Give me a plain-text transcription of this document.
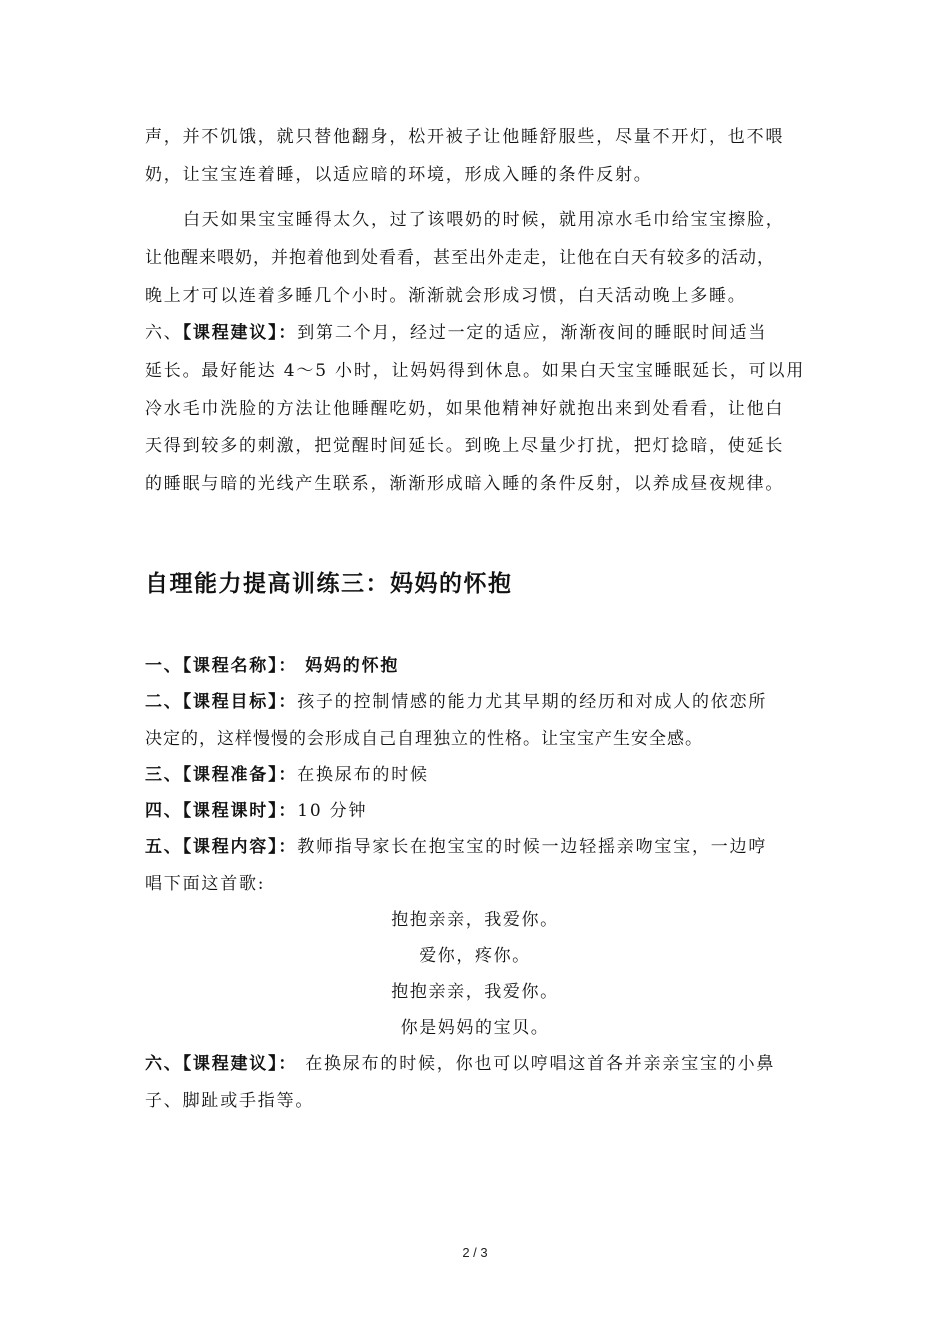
声，并不饥饿，就只替他翻身，松开被子让他睡舒服些，尽量不开灯，也不喂
奶，让宝宝连着睡，以适应暗的环境，形成入睡的条件反射。
白天如果宝宝睡得太久，过了该喂奶的时候，就用凉水毛巾给宝宝擦脸，
让他醒来喂奶，并抱着他到处看看，甚至出外走走，让他在白天有较多的活动，
晚上才可以连着多睡几个小时。渐渐就会形成习惯，白天活动晚上多睡。
六、【课程建议】：到第二个月，经过一定的适应，渐渐夜间的睡眠时间适当
延长。最好能达 4～5 小时，让妈妈得到休息。如果白天宝宝睡眠延长，可以用
冷水毛巾洗脸的方法让他睡醒吃奶，如果他精神好就抱出来到处看看，让他白
天得到较多的刺激，把觉醒时间延长。到晚上尽量少打扰，把灯捻暗，使延长
的睡眠与暗的光线产生联系，渐渐形成暗入睡的条件反射，以养成昼夜规律。
自理能力提高训练三：妈妈的怀抱
一、【课程名称】： 妈妈的怀抱
二、【课程目标】：孩子的控制情感的能力尤其早期的经历和对成人的依恋所
决定的，这样慢慢的会形成自己自理独立的性格。让宝宝产生安全感。
三、【课程准备】：在换尿布的时候
四、【课程课时】：10 分钟
五、【课程内容】：教师指导家长在抱宝宝的时候一边轻摇亲吻宝宝，一边哼
唱下面这首歌:
抱抱亲亲，我爱你。
爱你，疼你。
抱抱亲亲，我爱你。
你是妈妈的宝贝。
六、【课程建议】： 在换尿布的时候，你也可以哼唱这首各并亲亲宝宝的小鼻
子、脚趾或手指等。
2 / 3
